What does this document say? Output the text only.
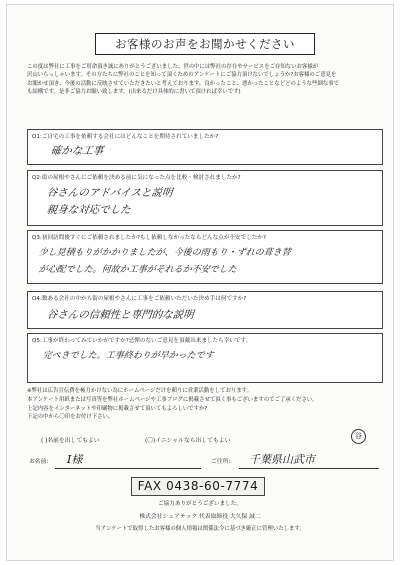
お客様のお声をお聞かせください
この度は弊社に工事をご用命頂き誠にありがとうございました。世の中には弊社の存在やサービスをご存知ないお客様が
沢山いらっしゃいます。その方たちに弊社のことを知って頂くためのアンケートにご協力頂けないでしょうか?お客様のご意見を
お聞かせ頂き、今後の活動に反映させていただきたいと考えております。良かったこと、悪かったことなどどのような些細な事で
も結構です。是非ご協力お願い致します。(出来るだけ具体的に書いて頂ければ幸いです)
Q1:ご自宅の工事を依頼する会社にはどんなことを期待されていましたか?
確かな工事
Q2:街の屋根やさんにご依頼を決める前に気になった点を比較・検討されましたか?
谷さんのアドバイスと説明
親身な対応でした
Q3:初回訪問後すぐにご依頼されましたか?もし依頼しなかったならどんな点が不安でしたか?
少し見積もりがかかりましたが、今後の雨もり・ずれの葺き替
が心配でした。何故か工事がそれるか不安でした
Q4:数ある会社の中から街の屋根やさんに工事をご依頼いただいた決め手は何ですか?
谷さんの信頼性と専門的な説明
Q5:工事が終わってみていかがですか?忌憚のないご意見を頂戴出来ましたら幸いです。
完ぺきでした。工事終わりが早かったです
※弊社は広告宣伝費を極力かけない為にホームページだけを頼りに営業活動をしております。
本アンケート用紙または写真等を弊社ホームページや工事ブログに掲載させて頂く事もございますのでご了承ください。
上記内容をインターネットや印刷物に掲載させて頂いてもよろしいですか?
下記の中から〇印をお付け下さい。
( )名前を出してもよい	(〇)イニシャルなら出してもよい
谷
お名前: I様	ご住所: 千葉県山武市
FAX 0438-60-7774
ご協力ありがとうございました。
株式会社シェアテック 代表取締役 大久保 誠二
当アンケートで取得したお客様の個人情報は関係法令に基づき厳正に管理いたします。
